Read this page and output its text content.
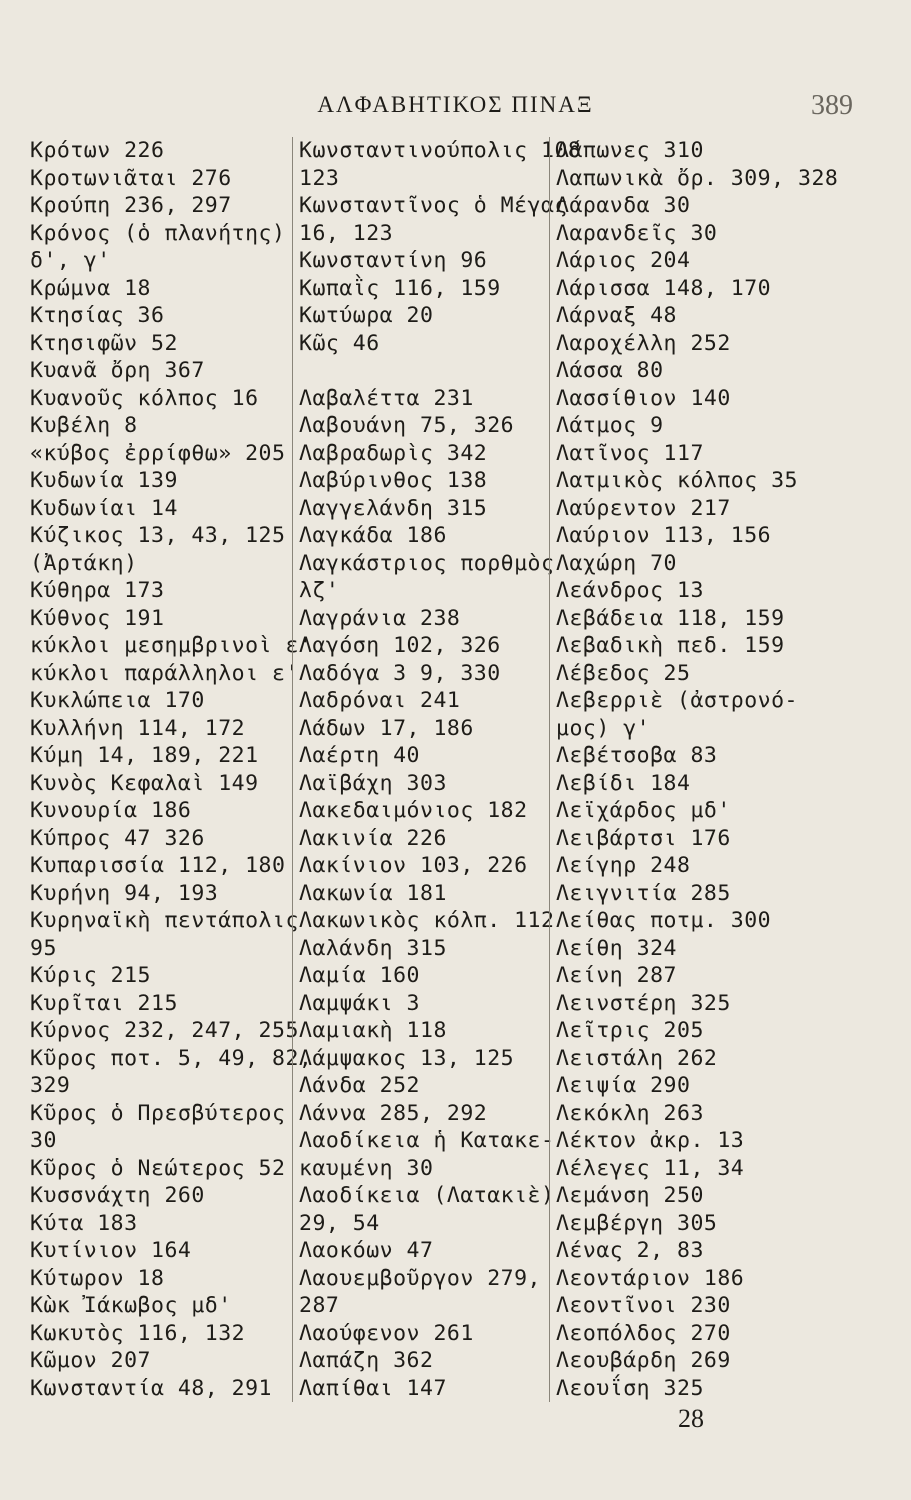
ΑΛΦΑΒΗΤΙΚΟΣ ΠΙΝΑΞ	389
Κρότων 226
Κροτωνιᾶται 276
Κρούπη 236, 297
Κρόνος (ὁ πλανήτης)
δ', γ'
Κρώμνα 18
Κτησίας 36
Κτησιφῶν 52
Κυανᾶ ὄρη 367
Κυανοῦς κόλπος 16
Κυβέλη 8
«κύβος ἐρρίφθω» 205
Κυδωνία 139
Κυδωνίαι 14
Κύζικος 13, 43, 125
(Ἀρτάκη)
Κύθηρα 173
Κύθνος 191
κύκλοι μεσημβρινοὶ ε'
κύκλοι παράλληλοι ε'
Κυκλώπεια 170
Κυλλήνη 114, 172
Κύμη 14, 189, 221
Κυνὸς Κεφαλαὶ 149
Κυνουρία 186
Κύπρος 47 326
Κυπαρισσία 112, 180
Κυρήνη 94, 193
Κυρηναϊκὴ πεντάπολις
95
Κύρις 215
Κυρῖται 215
Κύρνος 232, 247, 255
Κῦρος ποτ. 5, 49, 82,
329
Κῦρος ὁ Πρεσβύτερος
30
Κῦρος ὁ Νεώτερος 52
Κυσσνάχτη 260
Κύτα 183
Κυτίνιον 164
Κύτωρον 18
Κὼκ Ἰάκωβος μδ'
Κωκυτὸς 116, 132
Κῶμον 207
Κωνσταντία 48, 291
Κωνσταντινούπολις 108
123
Κωνσταντῖνος ὁ Μέγας
16, 123
Κωνσταντίνη 96
Κωπαῒς 116, 159
Κωτύωρα 20
Κῶς 46
Λαβαλέττα 231
Λαβουάνη 75, 326
Λαβραδωρὶς 342
Λαβύρινθος 138
Λαγγελάνδη 315
Λαγκάδα 186
Λαγκάστριος πορθμὸς
λζ'
Λαγράνια 238
Λαγόση 102, 326
Λαδόγα 3 9, 330
Λαδρόναι 241
Λάδων 17, 186
Λαέρτη 40
Λαϊβάχη 303
Λακεδαιμόνιος 182
Λακινία 226
Λακίνιον 103, 226
Λακωνία 181
Λακωνικὸς κόλπ. 112
Λαλάνδη 315
Λαμία 160
Λαμψάκι 3
Λαμιακὴ 118
Λάμψακος 13, 125
Λάνδα 252
Λάννα 285, 292
Λαοδίκεια ἡ Κατακε-
καυμένη 30
Λαοδίκεια (Λατακιὲ)
29, 54
Λαοκόων 47
Λαουεμβοῦργον 279,
287
Λαούφενον 261
Λαπάζη 362
Λαπίθαι 147
Λάπωνες 310
Λαπωνικὰ ὄρ. 309, 328
Λάρανδα 30
Λαρανδεῖς 30
Λάριος 204
Λάρισσα 148, 170
Λάρναξ 48
Λαροχέλλη 252
Λάσσα 80
Λασσίθιον 140
Λάτμος 9
Λατῖνος 117
Λατμικὸς κόλπος 35
Λαύρεντον 217
Λαύριον 113, 156
Λαχώρη 70
Λεάνδρος 13
Λεβάδεια 118, 159
Λεβαδικὴ πεδ. 159
Λέβεδος 25
Λεβερριὲ (ἀστρονό-
μος) γ'
Λεβέτσοβα 83
Λεβίδι 184
Λεϊχάρδος μδ'
Λειβάρτσι 176
Λείγηρ 248
Λειγνιτία 285
Λείθας ποτμ. 300
Λείθη 324
Λείνη 287
Λεινστέρη 325
Λεῖτρις 205
Λειστάλη 262
Λειψία 290
Λεκόκλη 263
Λέκτον ἀκρ. 13
Λέλεγες 11, 34
Λεμάνση 250
Λεμβέργη 305
Λένας 2, 83
Λεοντάριον 186
Λεοντῖνοι 230
Λεοπόλδος 270
Λεουβάρδη 269
Λεουΐση 325
28
